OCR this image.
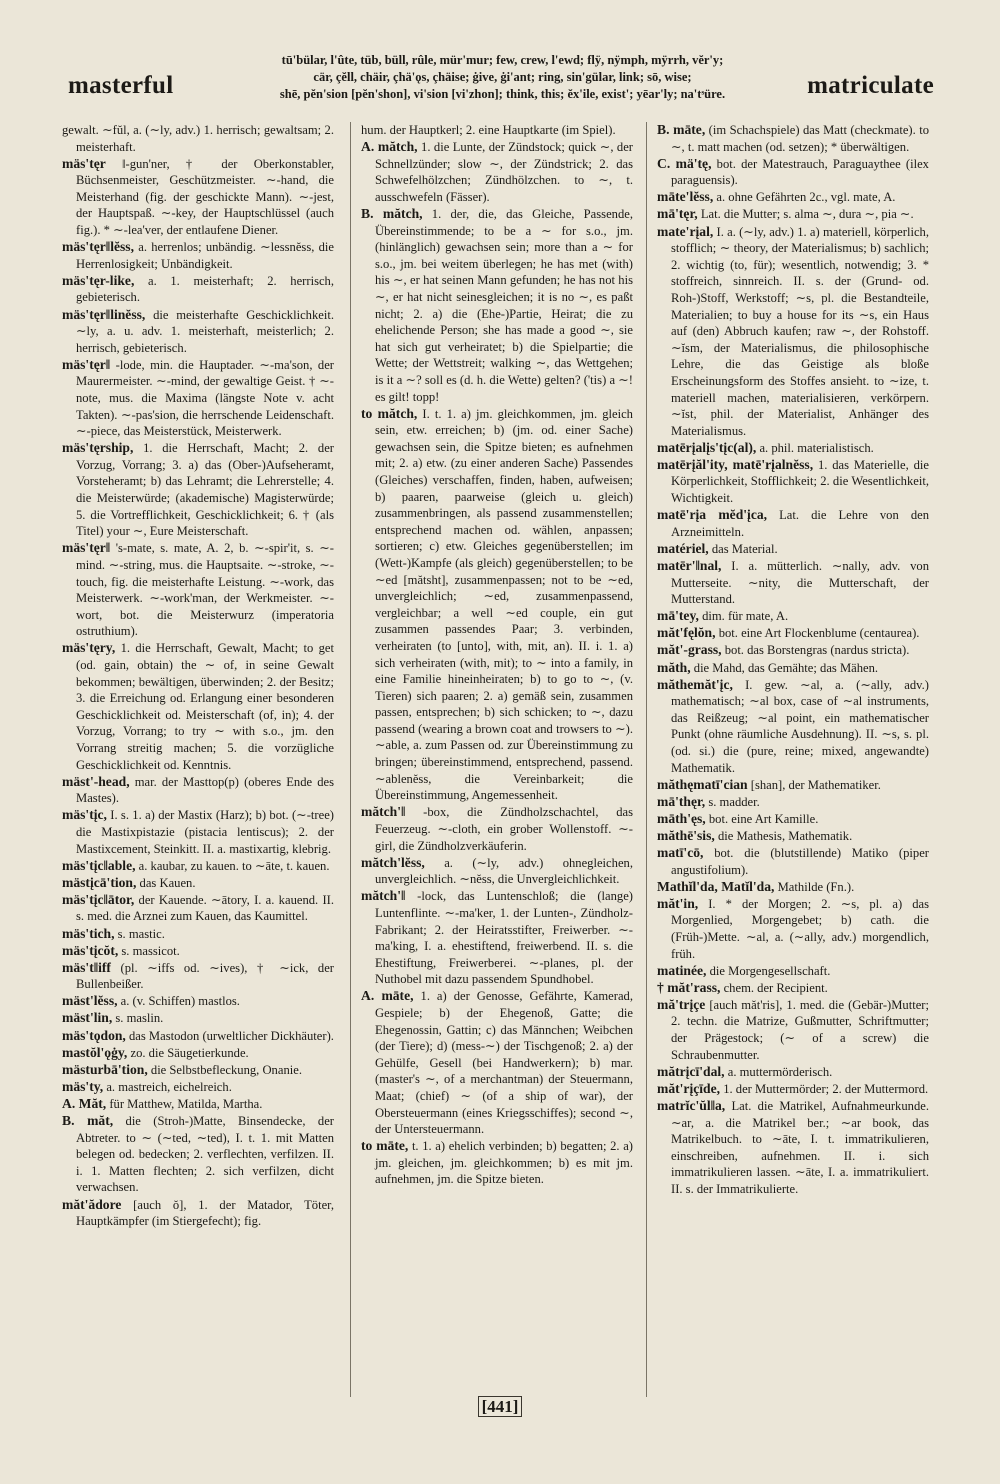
masterful
tū'bülar, l'ûte, tüb, büll, rûle, mür'mur; few, crew, l'ewd; flÿ, nÿmph, mÿrrh, vĕr'y;
cär, çĕll, chäir, çhä'ǫs, çhäise; ġive, ġi'ant; ring, sin'gülar, link; sō, wise;
shē, pĕn'sion [pĕn'shon], vi'sion [vi'zhon]; think, this; ĕx'ile, exist'; yēar'ly; na'tˢüre.	matriculate
gewalt. ∼fŭl, a. (∼ly, adv.) 1. herrisch; gewaltsam; 2. meisterhaft.
mäs'tęr ‖-gun'ner, † der Oberkonstabler, Büchsenmeister, Geschützmeister. ∼-hand, die Meisterhand (fig. der geschickte Mann). ∼-jest, der Hauptspaß. ∼-key, der Hauptschlüssel (auch fig.). * ∼-lea'ver, der entlaufene Diener.
mäs'tęr‖lĕss, a. herrenlos; unbändig. ∼lessnĕss, die Herrenlosigkeit; Unbändigkeit.
mäs'tęr-like, a. 1. meisterhaft; 2. herrisch, gebieterisch.
mäs'tęr‖linĕss, die meisterhafte Geschicklichkeit. ∼ly, a. u. adv. 1. meisterhaft, meisterlich; 2. herrisch, gebieterisch.
mäs'tęr‖ -lode, min. die Hauptader. ∼-ma'son, der Maurermeister. ∼-mind, der gewaltige Geist. † ∼-note, mus. die Maxima (längste Note v. acht Takten). ∼-pas'sion, die herrschende Leidenschaft. ∼-piece, das Meisterstück, Meisterwerk.
mäs'tęrship, 1. die Herrschaft, Macht; 2. der Vorzug, Vorrang; 3. a) das (Ober-)Aufseheramt, Vorsteheramt; b) das Lehramt; die Lehrerstelle; 4. die Meisterwürde; (akademische) Magisterwürde; 5. die Vortrefflichkeit, Geschicklichkeit; 6. † (als Titel) your ∼, Eure Meisterschaft.
mäs'tęr‖ 's-mate, s. mate, A. 2, b. ∼-spir'it, s. ∼-mind. ∼-string, mus. die Hauptsaite. ∼-stroke, ∼-touch, fig. die meisterhafte Leistung. ∼-work, das Meisterwerk. ∼-work'man, der Werkmeister. ∼-wort, bot. die Meisterwurz (imperatoria ostruthium).
mäs'tęry, 1. die Herrschaft, Gewalt, Macht; to get (od. gain, obtain) the ∼ of, in seine Gewalt bekommen; bewältigen, überwinden; 2. der Besitz; 3. die Erreichung od. Erlangung einer besonderen Geschicklichkeit od. Meisterschaft (of, in); 4. der Vorzug, Vorrang; to try ∼ with s.o., jm. den Vorrang streitig machen; 5. die vorzügliche Geschicklichkeit od. Kenntnis.
mäst'-head, mar. der Masttop(p) (oberes Ende des Mastes).
mäs'tįc, I. s. 1. a) der Mastix (Harz); b) bot. (∼-tree) die Mastixpistazie (pistacia lentiscus); 2. der Mastixcement, Steinkitt. II. a. mastixartig, klebrig.
mäs'tįc‖able, a. kaubar, zu kauen. to ∼āte, t. kauen.
mästįcā'tion, das Kauen.
mäs'tįc‖ātor, der Kauende. ∼ātory, I. a. kauend. II. s. med. die Arznei zum Kauen, das Kaumittel.
mäs'tich, s. mastic.
mäs'tįcŏt, s. massicot.
mäs't‖iff (pl. ∼iffs od. ∼ives), † ∼ick, der Bullenbeißer.
mäst'lĕss, a. (v. Schiffen) mastlos.
mäst'lin, s. maslin.
mäs'tǫdon, das Mastodon (urweltlicher Dickhäuter).
mastŏl'ǫġy, zo. die Säugetierkunde.
mästurbā'tion, die Selbstbefleckung, Onanie.
mäs'ty, a. mastreich, eichelreich.
A. Măt, für Matthew, Matilda, Martha.
B. măt, die (Stroh-)Matte, Binsendecke, der Abtreter. to ∼ (∼ted, ∼ted), I. t. 1. mit Matten belegen od. bedecken; 2. verflechten, verfilzen. II. i. 1. Matten flechten; 2. sich verfilzen, dicht verwachsen.
măt'ădore [auch ŏ], 1. der Matador, Töter, Hauptkämpfer (im Stiergefecht); fig.
hum. der Hauptkerl; 2. eine Hauptkarte (im Spiel).
A. mătch, 1. die Lunte, der Zündstock; quick ∼, der Schnellzünder; slow ∼, der Zündstrick; 2. das Schwefelhölzchen; Zündhölzchen. to ∼, t. ausschwefeln (Fässer).
B. mătch, 1. der, die, das Gleiche, Passende, Übereinstimmende; to be a ∼ for s.o., jm. (hinlänglich) gewachsen sein; more than a ∼ for s.o., jm. bei weitem überlegen; he has met (with) his ∼, er hat seinen Mann gefunden; he has not his ∼, er hat nicht seinesgleichen; it is no ∼, es paßt nicht; 2. a) die (Ehe-)Partie, Heirat; die zu ehelichende Person; she has made a good ∼, sie hat sich gut verheiratet; b) die Spielpartie; die Wette; der Wettstreit; walking ∼, das Wettgehen; is it a ∼? soll es (d. h. die Wette) gelten? ('tis) a ∼! es gilt! topp!
to mătch, I. t. 1. a) jm. gleichkommen, jm. gleich sein, etw. erreichen; b) (jm. od. einer Sache) gewachsen sein, die Spitze bieten; es aufnehmen mit; 2. a) etw. (zu einer anderen Sache) Passendes (Gleiches) verschaffen, finden, haben, aufweisen; b) paaren, paarweise (gleich u. gleich) zusammenbringen, als passend zusammenstellen; entsprechend machen od. wählen, anpassen; sortieren; c) etw. Gleiches gegenüberstellen; im (Wett-)Kampfe (als gleich) gegenüberstellen; to be ∼ed [mătsht], zusammenpassen; not to be ∼ed, unvergleichlich; ∼ed, zusammenpassend, vergleichbar; a well ∼ed couple, ein gut zusammen passendes Paar; 3. verbinden, verheiraten (to [unto], with, mit, an). II. i. 1. a) sich verheiraten (with, mit); to ∼ into a family, in eine Familie hineinheiraten; b) to go to ∼, (v. Tieren) sich paaren; 2. a) gemäß sein, zusammen passen, entsprechen; b) sich schicken; to ∼, dazu passend (wearing a brown coat and trowsers to ∼). ∼able, a. zum Passen od. zur Übereinstimmung zu bringen; übereinstimmend, entsprechend, passend. ∼ablenĕss, die Vereinbarkeit; die Übereinstimmung, Angemessenheit.
mătch'‖ -box, die Zündholzschachtel, das Feuerzeug. ∼-cloth, ein grober Wollenstoff. ∼-girl, die Zündholzverkäuferin.
mătch'lĕss, a. (∼ly, adv.) ohnegleichen, unvergleichlich. ∼nĕss, die Unvergleichlichkeit.
mătch'‖ -lock, das Luntenschloß; die (lange) Luntenflinte. ∼-ma'ker, 1. der Lunten-, Zündholz-Fabrikant; 2. der Heiratsstifter, Freiwerber. ∼-ma'king, I. a. ehestiftend, freiwerbend. II. s. die Ehestiftung, Freiwerberei. ∼-planes, pl. der Nuthobel mit dazu passendem Spundhobel.
A. māte, 1. a) der Genosse, Gefährte, Kamerad, Gespiele; b) der Ehegenoß, Gatte; die Ehegenossin, Gattin; c) das Männchen; Weibchen (der Tiere); d) (mess-∼) der Tischgenoß; 2. a) der Gehülfe, Gesell (bei Handwerkern); b) mar. (master's ∼, of a merchantman) der Steuermann, Maat; (chief) ∼ (of a ship of war), der Obersteuermann (eines Kriegsschiffes); second ∼, der Untersteuermann.
to māte, t. 1. a) ehelich verbinden; b) begatten; 2. a) jm. gleichen, jm. gleichkommen; b) es mit jm. aufnehmen, jm. die Spitze bieten.
B. māte, (im Schachspiele) das Matt (checkmate). to ∼, t. matt machen (od. setzen); * überwältigen.
C. mä'tę, bot. der Matestrauch, Paraguaythee (ilex paraguensis).
māte'lĕss, a. ohne Gefährten 2c., vgl. mate, A.
mā'tęr, Lat. die Mutter; s. alma ∼, dura ∼, pia ∼.
mate'rįal, I. a. (∼ly, adv.) 1. a) materiell, körperlich, stofflich; ∼ theory, der Materialismus; b) sachlich; 2. wichtig (to, für); wesentlich, notwendig; 3. * stoffreich, sinnreich. II. s. der (Grund- od. Roh-)Stoff, Werkstoff; ∼s, pl. die Bestandteile, Materialien; to buy a house for its ∼s, ein Haus auf (den) Abbruch kaufen; raw ∼, der Rohstoff. ∼ĭsm, der Materialismus, die philosophische Lehre, die das Geistige als bloße Erscheinungsform des Stoffes ansieht. to ∼ize, t. materiell machen, materialisieren, verkörpern. ∼ĭst, phil. der Materialist, Anhänger des Materialismus.
matērįalįs'tįc(al), a. phil. materialistisch.
matērįăl'ity, matē'rįalnĕss, 1. das Materielle, die Körperlichkeit, Stofflichkeit; 2. die Wesentlichkeit, Wichtigkeit.
matē'rįa mĕd'įca, Lat. die Lehre von den Arzneimitteln.
matériel, das Material.
matēr'‖nal, I. a. mütterlich. ∼nally, adv. von Mutterseite. ∼nity, die Mutterschaft, der Mutterstand.
mā'tey, dim. für mate, A.
măt'fęlŏn, bot. eine Art Flockenblume (centaurea).
măt'-grass, bot. das Borstengras (nardus stricta).
măth, die Mahd, das Gemähte; das Mähen.
măthemăt'įc, I. gew. ∼al, a. (∼ally, adv.) mathematisch; ∼al box, case of ∼al instruments, das Reißzeug; ∼al point, ein mathematischer Punkt (ohne räumliche Ausdehnung). II. ∼s, s. pl. (od. si.) die (pure, reine; mixed, angewandte) Mathematik.
măthęmatī'cian [shan], der Mathematiker.
mā'thęr, s. madder.
māth'ęs, bot. eine Art Kamille.
măthē'sis, die Mathesis, Mathematik.
matī'cō, bot. die (blutstillende) Matiko (piper angustifolium).
Mathĭl'da, Matĭl'da, Mathilde (Fn.).
măt'in, I. * der Morgen; 2. ∼s, pl. a) das Morgenlied, Morgengebet; b) cath. die (Früh-)Mette. ∼al, a. (∼ally, adv.) morgendlich, früh.
matinée, die Morgengesellschaft.
† măt'rass, chem. der Recipient.
mă'trįçe [auch măt'ris], 1. med. die (Gebär-)Mutter; 2. techn. die Matrize, Gußmutter, Schriftmutter; der Prägestock; (∼ of a screw) die Schraubenmutter.
mătrįcī'dal, a. muttermörderisch.
măt'rįçīde, 1. der Muttermörder; 2. der Muttermord.
matrĭc'ŭl‖a, Lat. die Matrikel, Aufnahmeurkunde. ∼ar, a. die Matrikel ber.; ∼ar book, das Matrikelbuch. to ∼āte, I. t. immatrikulieren, einschreiben, aufnehmen. II. i. sich immatrikulieren lassen. ∼āte, I. a. immatrikuliert. II. s. der Immatrikulierte.
[441]
